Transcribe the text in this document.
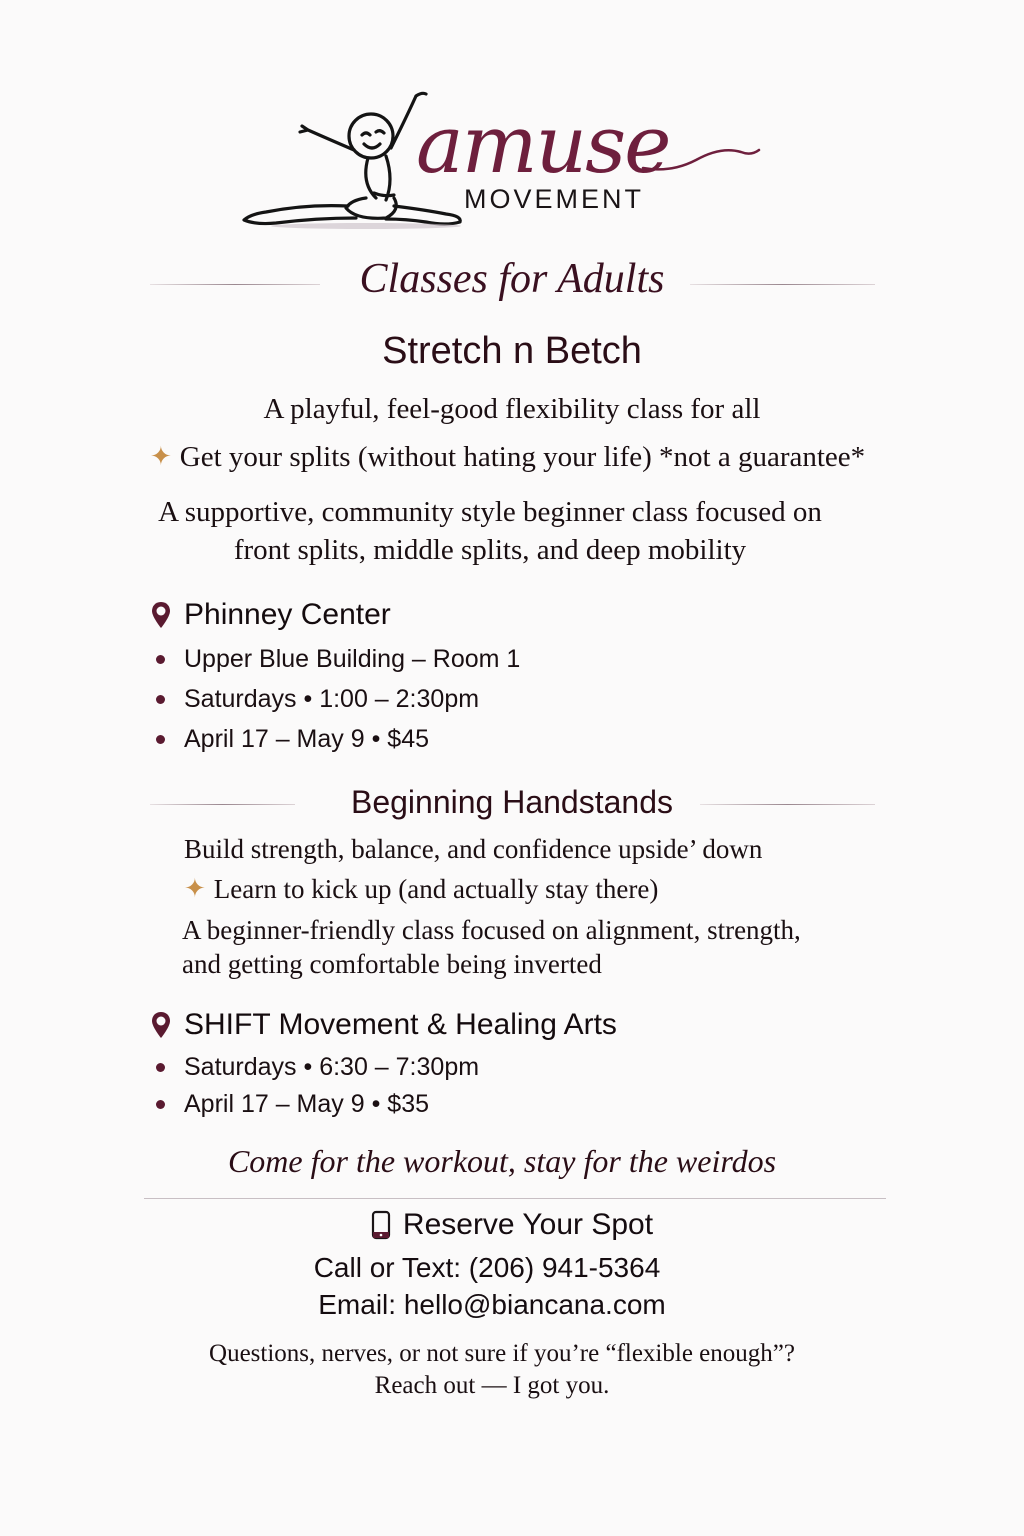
amuse
MOVEMENT
Classes for Adults
Stretch n Betch
A playful, feel-good flexibility class for all
✦ Get your splits (without hating your life) *not a guarantee*
A supportive, community style beginner class focused on
front splits, middle splits, and deep mobility
Phinney Center
Upper Blue Building – Room 1
Saturdays • 1:00 – 2:30pm
April 17 – May 9 • $45
Beginning Handstands
Build strength, balance, and confidence upside’ down
✦ Learn to kick up (and actually stay there)
A beginner-friendly class focused on alignment, strength,
and getting comfortable being inverted
SHIFT Movement & Healing Arts
Saturdays • 6:30 – 7:30pm
April 17 – May 9 • $35
Come for the workout, stay for the weirdos
Reserve Your Spot
Call or Text: (206) 941-5364
Email: hello@biancana.com
Questions, nerves, or not sure if you’re “flexible enough”?
Reach out — I got you.
